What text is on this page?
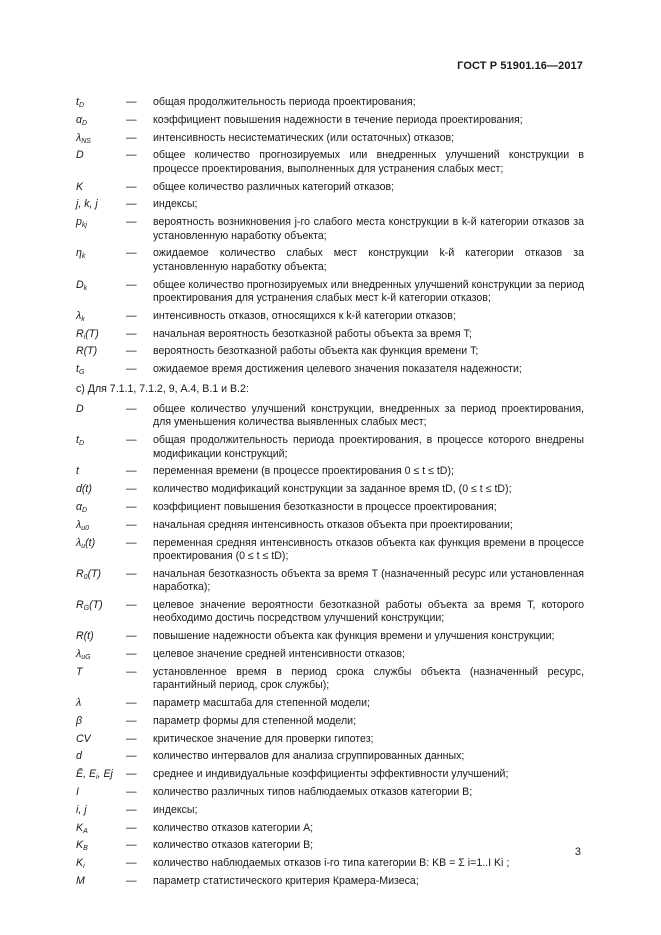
ГОСТ Р 51901.16—2017
$t_D$	—	общая продолжительность периода проектирования;
$\alpha_D$	—	коэффициент повышения надежности в течение периода проектирования;
$\lambda_{NS}$	—	интенсивность несистематических (или остаточных) отказов;
D	—	общее количество прогнозируемых или внедренных улучшений конструкции в процессе проектирования, выполненных для устранения слабых мест;
K	—	общее количество различных категорий отказов;
j, k, j	—	индексы;
$p_{kj}$	—	вероятность возникновения j-го слабого места конструкции в k-й категории отказов за установленную наработку объекта;
$\eta_k$	—	ожидаемое количество слабых мест конструкции k-й категории отказов за установленную наработку объекта;
$D_k$	—	общее количество прогнозируемых или внедренных улучшений конструкции за период проектирования для устранения слабых мест k-й категории отказов;
$\lambda_k$	—	интенсивность отказов, относящихся к k-й категории отказов;
$R_i(T)$	—	начальная вероятность безотказной работы объекта за время T;
R(T)	—	вероятность безотказной работы объекта как функция времени T;
$t_G$	—	ожидаемое время достижения целевого значения показателя надежности;
c) Для 7.1.1, 7.1.2, 9, А.4, В.1 и В.2:
D	—	общее количество улучшений конструкции, внедренных за период проектирования, для уменьшения количества выявленных слабых мест;
$t_D$	—	общая продолжительность периода проектирования, в процессе которого внедрены модификации конструкций;
t	—	переменная времени (в процессе проектирования 0 ≤ t ≤ tD);
d(t)	—	количество модификаций конструкции за заданное время tD, (0 ≤ t ≤ tD);
$\alpha_D$	—	коэффициент повышения безотказности в процессе проектирования;
$\lambda_{u0}$	—	начальная средняя интенсивность отказов объекта при проектировании;
$\lambda_u(t)$	—	переменная средняя интенсивность отказов объекта как функция времени в процессе проектирования (0 ≤ t ≤ tD);
$R_0(T)$	—	начальная безотказность объекта за время T (назначенный ресурс или установленная наработка);
$R_G(T)$	—	целевое значение вероятности безотказной работы объекта за время T, которого необходимо достичь посредством улучшений конструкции;
R(t)	—	повышение надежности объекта как функция времени и улучшения конструкции;
$\lambda_{uG}$	—	целевое значение средней интенсивности отказов;
T	—	установленное время в период срока службы объекта (назначенный ресурс, гарантийный период, срок службы);
λ	—	параметр масштаба для степенной модели;
β	—	параметр формы для степенной модели;
CV	—	критическое значение для проверки гипотез;
d	—	количество интервалов для анализа сгруппированных данных;
Ē, $E_i$, Ej	—	среднее и индивидуальные коэффициенты эффективности улучшений;
I	—	количество различных типов наблюдаемых отказов категории В;
i, j	—	индексы;
$K_A$	—	количество отказов категории А;
$K_B$	—	количество отказов категории В;
$K_i$	—	количество наблюдаемых отказов i-го типа категории В: KB = Σ i=1..I Ki ;
M	—	параметр статистического критерия Крамера-Мизеса;
3
